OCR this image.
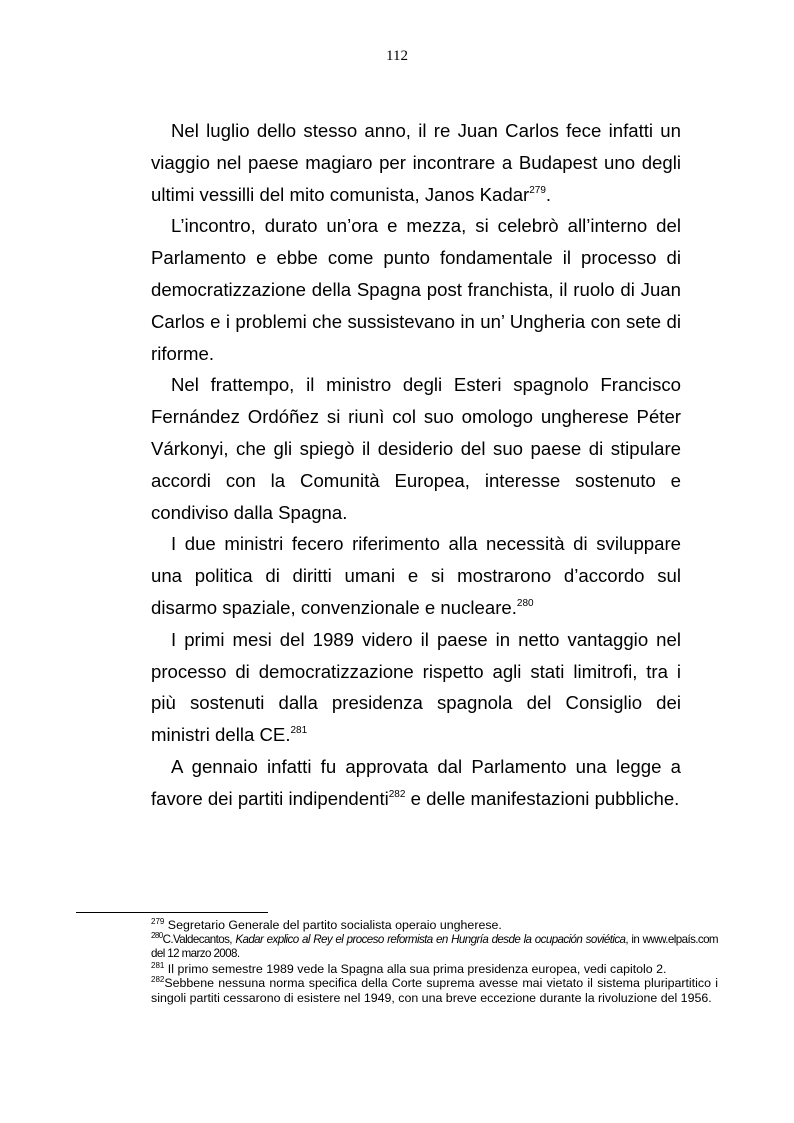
112

Nel luglio dello stesso anno, il re Juan Carlos fece infatti un viaggio nel paese magiaro per incontrare a Budapest uno degli ultimi vessilli del mito comunista, Janos Kadar$^{279}$.

L’incontro, durato un’ora e mezza, si celebrò all’interno del Parlamento e ebbe come punto fondamentale il processo di democratizzazione della Spagna post franchista, il ruolo di Juan Carlos e i problemi che sussistevano in un’ Ungheria con sete di riforme.

Nel frattempo, il ministro degli Esteri spagnolo Francisco Fernández Ordóñez si riunì col suo omologo ungherese Péter Várkonyi, che gli spiegò il desiderio del suo paese di stipulare accordi con la Comunità Europea, interesse sostenuto e condiviso dalla Spagna.

I due ministri fecero riferimento alla necessità di sviluppare una politica di diritti umani e si mostrarono d’accordo sul disarmo spaziale, convenzionale e nucleare.$^{280}$

I primi mesi del 1989 videro il paese in netto vantaggio nel processo di democratizzazione rispetto agli stati limitrofi, tra i più sostenuti dalla presidenza spagnola del Consiglio dei ministri della CE.$^{281}$

A gennaio infatti fu approvata dal Parlamento una legge a favore dei partiti indipendenti$^{282}$ e delle manifestazioni pubbliche.

$^{279}$ Segretario Generale del partito socialista operaio ungherese.

$^{280}$C.Valdecantos, Kadar explico al Rey el proceso reformista en Hungría desde la ocupación soviética, in www.elpaís.com del 12 marzo 2008.

$^{281}$ Il primo semestre 1989 vede la Spagna alla sua prima presidenza europea, vedi capitolo 2.

$^{282}$Sebbene nessuna norma specifica della Corte suprema avesse mai vietato il sistema pluripartitico i singoli partiti cessarono di esistere nel 1949, con una breve eccezione durante la rivoluzione del 1956.
